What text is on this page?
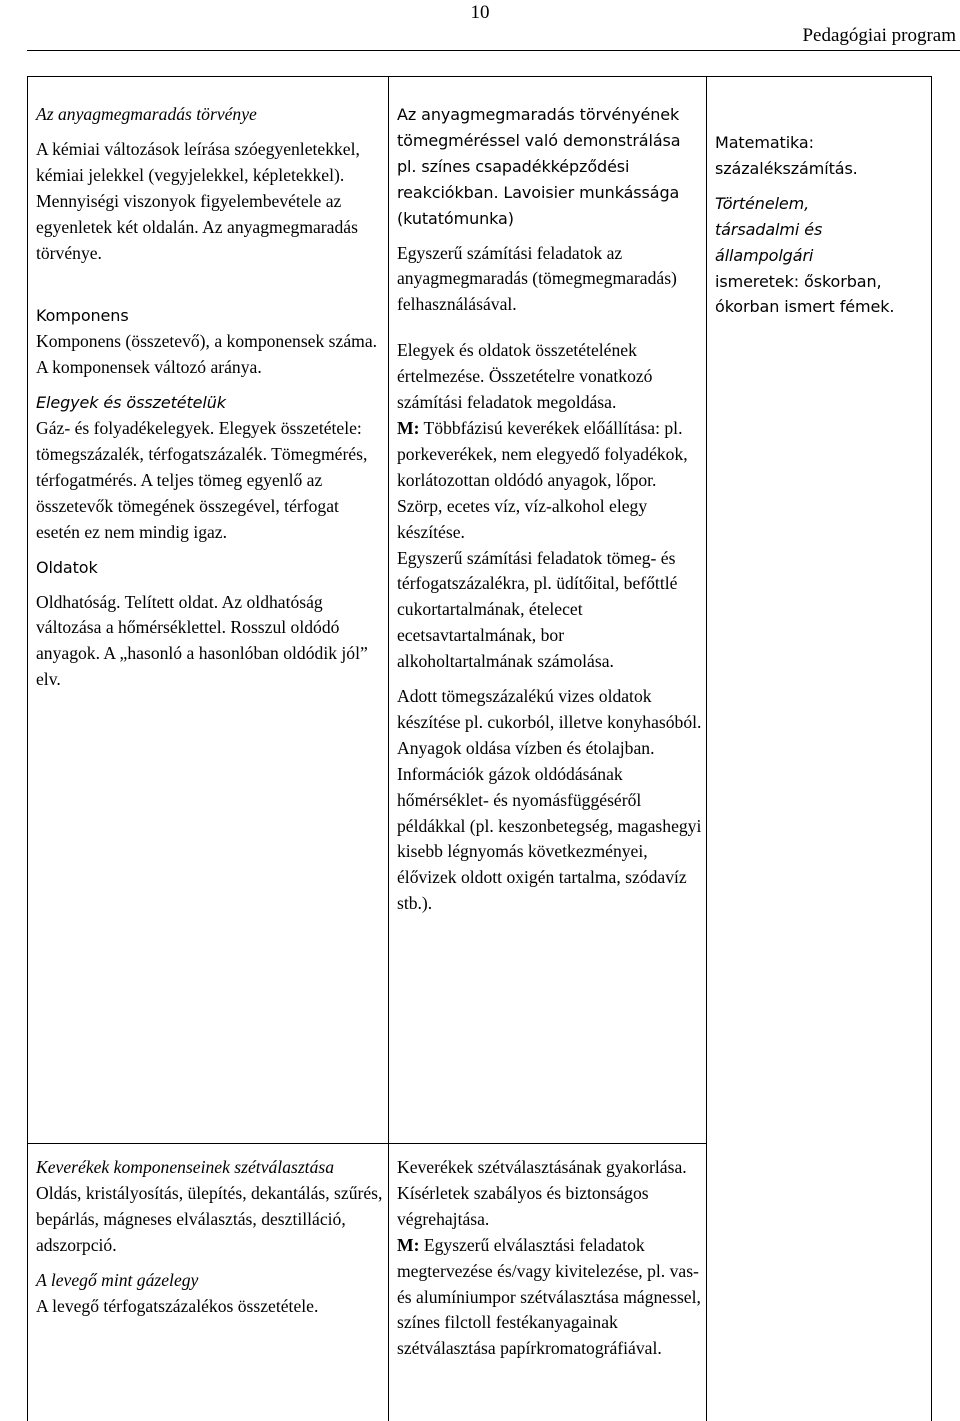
10
Pedagógiai program

Az anyagmegmaradás törvénye

A kémiai változások leírása szóegyenletekkel, kémiai jelekkel (vegyjelekkel, képletekkel). Mennyiségi viszonyok figyelembevétele az egyenletek két oldalán. Az anyagmegmaradás törvénye.

Komponens

Komponens (összetevő), a komponensek száma. A komponensek változó aránya.

Elegyek és összetételük

Gáz- és folyadékelegyek. Elegyek összetétele: tömegszázalék, térfogatszázalék. Tömegmérés, térfogatmérés. A teljes tömeg egyenlő az összetevők tömegének összegével, térfogat esetén ez nem mindig igaz.

Oldatok

Oldhatóság. Telített oldat. Az oldhatóság változása a hőmérséklettel. Rosszul oldódó anyagok. A „hasonló a hasonlóban oldódik jól” elv.

Az anyagmegmaradás törvényének tömegméréssel való demonstrálása pl. színes csapadékképződési reakciókban. Lavoisier munkássága (kutatómunka)

Egyszerű számítási feladatok az anyagmegmaradás (tömegmegmaradás) felhasználásával.

Elegyek és oldatok összetételének értelmezése. Összetételre vonatkozó számítási feladatok megoldása.

M: Többfázisú keverékek előállítása: pl. porkeverékek, nem elegyedő folyadékok, korlátozottan oldódó anyagok, lőpor.

Szörp, ecetes víz, víz-alkohol elegy készítése.

Egyszerű számítási feladatok tömeg- és térfogatszázalékra, pl. üdítőital, befőttlé cukortartalmának, ételecet ecetsavtartalmának, bor alkoholtartalmának számolása.

Adott tömegszázalékú vizes oldatok készítése pl. cukorból, illetve konyhasóból. Anyagok oldása vízben és étolajban. Információk gázok oldódásának hőmérséklet- és nyomásfüggéséről példákkal (pl. keszonbetegség, magashegyi kisebb légnyomás következményei, élővizek oldott oxigén tartalma, szódavíz stb.).

Matematika:

százalékszámítás.

Történelem,

társadalmi és

állampolgári

ismeretek: őskorban,

ókorban ismert fémek.

Keverékek komponenseinek szétválasztása

Oldás, kristályosítás, ülepítés, dekantálás, szűrés, bepárlás, mágneses elválasztás, desztilláció, adszorpció.

A levegő mint gázelegy

A levegő térfogatszázalékos összetétele.

Keverékek szétválasztásának gyakorlása. Kísérletek szabályos és biztonságos végrehajtása.

M: Egyszerű elválasztási feladatok megtervezése és/vagy kivitelezése, pl. vas- és alumíniumpor szétválasztása mágnessel, színes filctoll festékanyagainak szétválasztása papírkromatográfiával.
